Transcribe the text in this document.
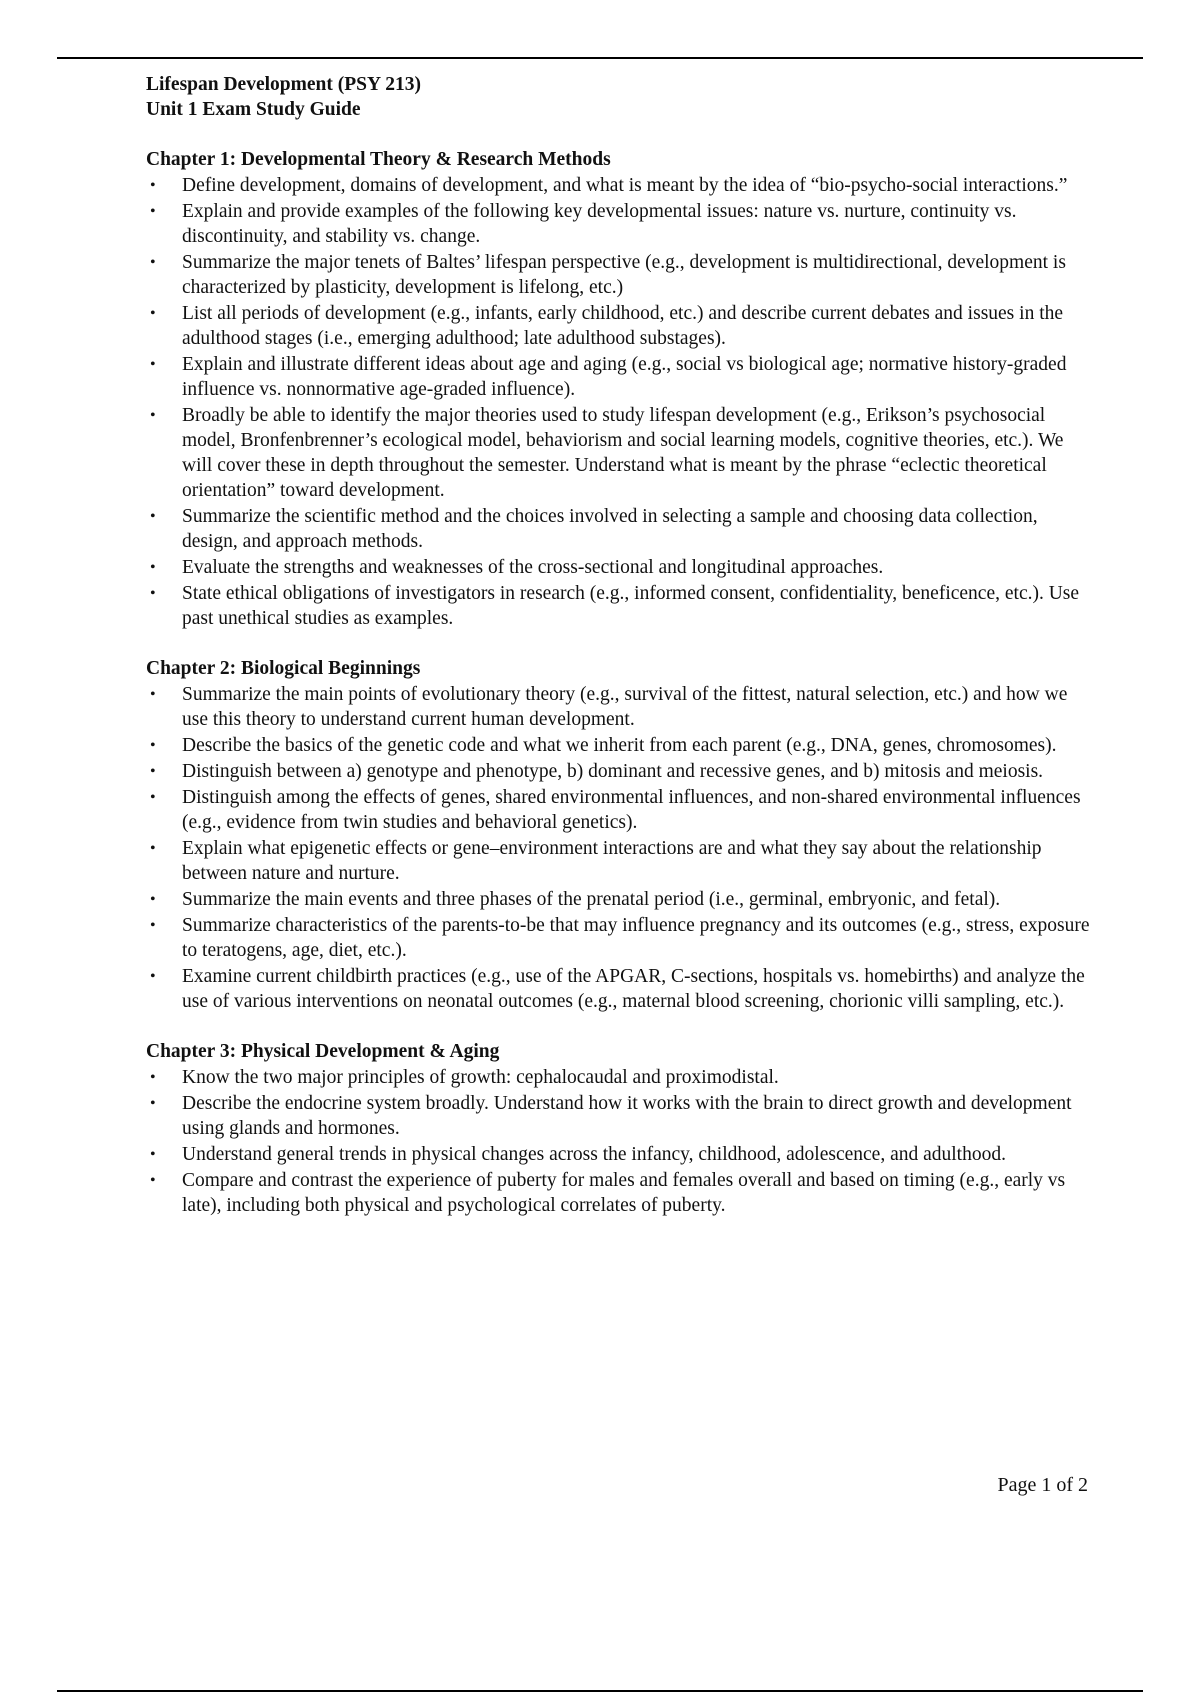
Lifespan Development (PSY 213)

Unit 1 Exam Study Guide

Chapter 1: Developmental Theory & Research Methods

• Define development, domains of development, and what is meant by the idea of “bio-psycho-social interactions.”
• Explain and provide examples of the following key developmental issues: nature vs. nurture, continuity vs. discontinuity, and stability vs. change.
• Summarize the major tenets of Baltes’ lifespan perspective (e.g., development is multidirectional, development is characterized by plasticity, development is lifelong, etc.)
• List all periods of development (e.g., infants, early childhood, etc.) and describe current debates and issues in the adulthood stages (i.e., emerging adulthood; late adulthood substages).
• Explain and illustrate different ideas about age and aging (e.g., social vs biological age; normative history-graded influence vs. nonnormative age-graded influence).
• Broadly be able to identify the major theories used to study lifespan development (e.g., Erikson’s psychosocial model, Bronfenbrenner’s ecological model, behaviorism and social learning models, cognitive theories, etc.). We will cover these in depth throughout the semester. Understand what is meant by the phrase “eclectic theoretical orientation” toward development.
• Summarize the scientific method and the choices involved in selecting a sample and choosing data collection, design, and approach methods.
• Evaluate the strengths and weaknesses of the cross-sectional and longitudinal approaches.
• State ethical obligations of investigators in research (e.g., informed consent, confidentiality, beneficence, etc.). Use past unethical studies as examples.

Chapter 2: Biological Beginnings

• Summarize the main points of evolutionary theory (e.g., survival of the fittest, natural selection, etc.) and how we use this theory to understand current human development.
• Describe the basics of the genetic code and what we inherit from each parent (e.g., DNA, genes, chromosomes).
• Distinguish between a) genotype and phenotype, b) dominant and recessive genes, and b) mitosis and meiosis.
• Distinguish among the effects of genes, shared environmental influences, and non-shared environmental influences (e.g., evidence from twin studies and behavioral genetics).
• Explain what epigenetic effects or gene–environment interactions are and what they say about the relationship between nature and nurture.
• Summarize the main events and three phases of the prenatal period (i.e., germinal, embryonic, and fetal).
• Summarize characteristics of the parents-to-be that may influence pregnancy and its outcomes (e.g., stress, exposure to teratogens, age, diet, etc.).
• Examine current childbirth practices (e.g., use of the APGAR, C-sections, hospitals vs. homebirths) and analyze the use of various interventions on neonatal outcomes (e.g., maternal blood screening, chorionic villi sampling, etc.).

Chapter 3: Physical Development & Aging

• Know the two major principles of growth: cephalocaudal and proximodistal.
• Describe the endocrine system broadly. Understand how it works with the brain to direct growth and development using glands and hormones.
• Understand general trends in physical changes across the infancy, childhood, adolescence, and adulthood.
• Compare and contrast the experience of puberty for males and females overall and based on timing (e.g., early vs late), including both physical and psychological correlates of puberty.
Page 1 of 2
